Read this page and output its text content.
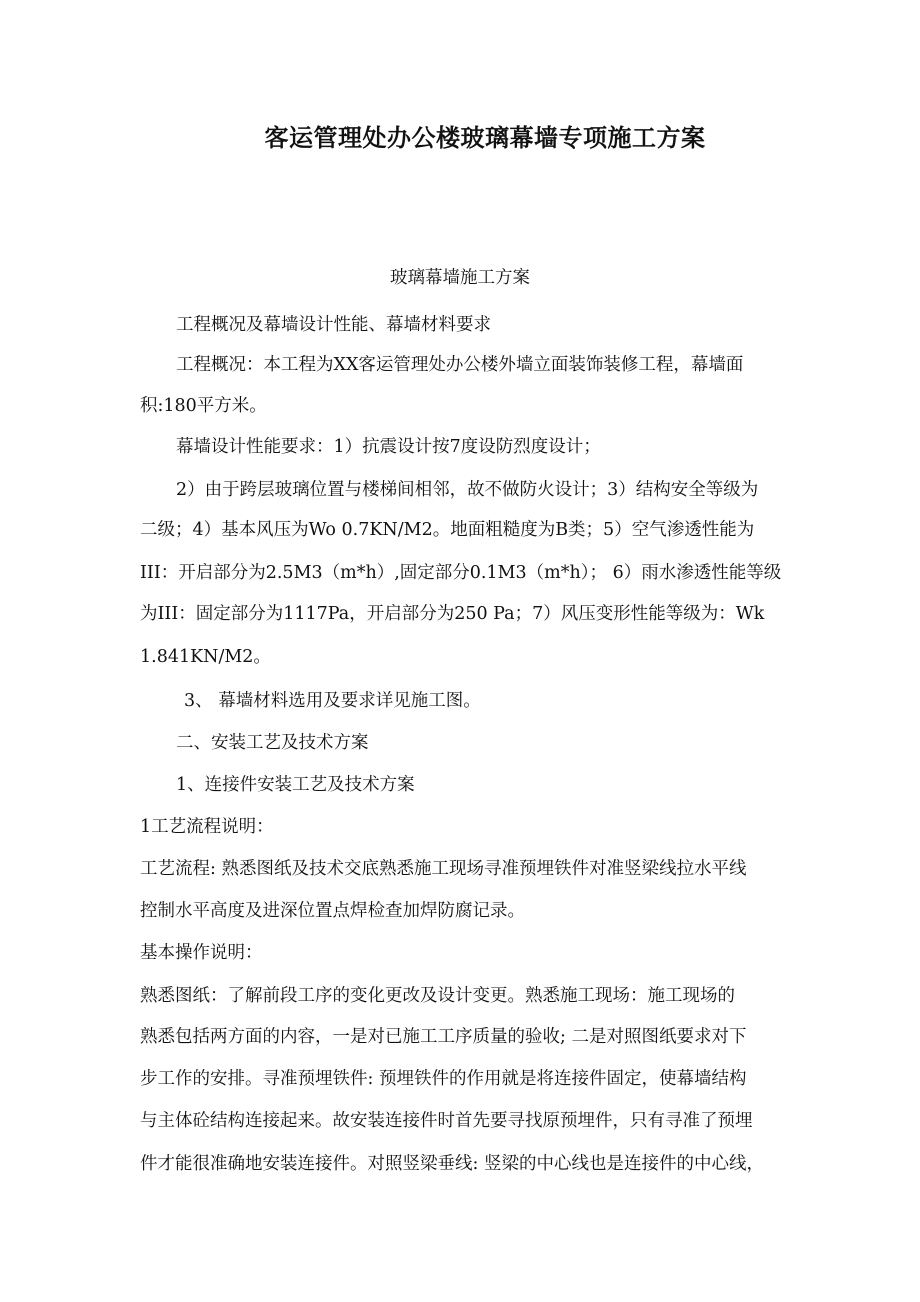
客运管理处办公楼玻璃幕墙专项施工方案
玻璃幕墙施工方案
工程概况及幕墙设计性能、幕墙材料要求
工程概况：本工程为XX客运管理处办公楼外墙立面装饰装修工程，幕墙面
积:180平方米。
幕墙设计性能要求：1）抗震设计按7度设防烈度设计；
2）由于跨层玻璃位置与楼梯间相邻，故不做防火设计；3）结构安全等级为
二级；4）基本风压为Wo 0.7KN/M2。地面粗糙度为B类；5）空气渗透性能为
III：开启部分为2.5M3（m*h）,固定部分0.1M3（m*h）； 6）雨水渗透性能等级
为III：固定部分为1117Pa，开启部分为250 Pa；7）风压变形性能等级为：Wk
1.841KN/M2。
3、 幕墙材料选用及要求详见施工图。
二、安装工艺及技术方案
1、连接件安装工艺及技术方案
1工艺流程说明：
工艺流程: 熟悉图纸及技术交底熟悉施工现场寻准预埋铁件对准竖梁线拉水平线
控制水平高度及进深位置点焊检查加焊防腐记录。
基本操作说明：
熟悉图纸：了解前段工序的变化更改及设计变更。熟悉施工现场：施工现场的
熟悉包括两方面的内容，一是对已施工工序质量的验收; 二是对照图纸要求对下
步工作的安排。寻准预埋铁件: 预埋铁件的作用就是将连接件固定，使幕墙结构
与主体砼结构连接起来。故安装连接件时首先要寻找原预埋件，只有寻准了预埋
件才能很准确地安装连接件。对照竖梁垂线: 竖梁的中心线也是连接件的中心线，
